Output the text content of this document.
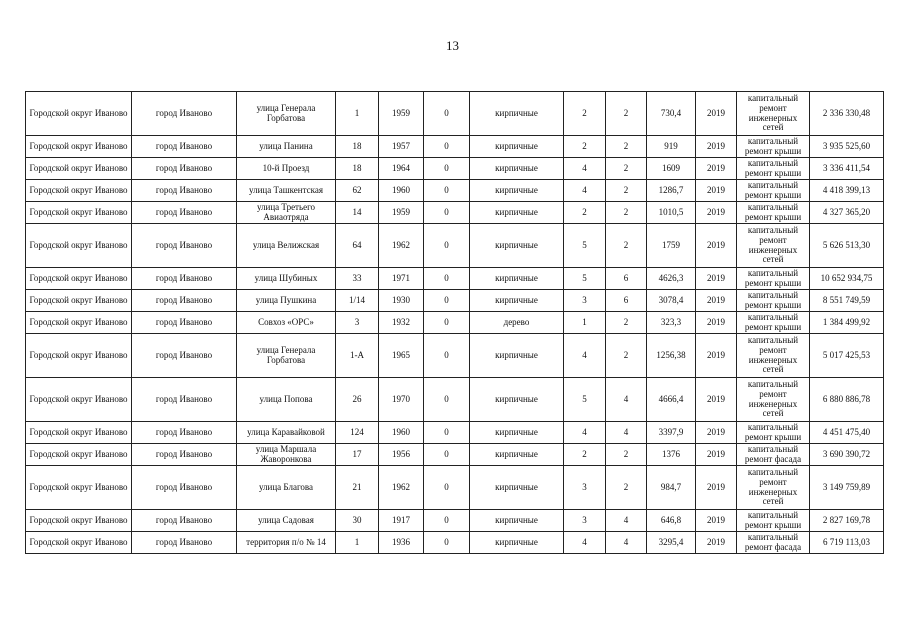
13
Городской округ Иваново	город Иваново	улица Генерала Горбатова	1	1959	0	кирпичные	2	2	730,4	2019	капитальный ремонт инженерных сетей	2 336 330,48
Городской округ Иваново	город Иваново	улица Панина	18	1957	0	кирпичные	2	2	919	2019	капитальный ремонт крыши	3 935 525,60
Городской округ Иваново	город Иваново	10-й Проезд	18	1964	0	кирпичные	4	2	1609	2019	капитальный ремонт крыши	3 336 411,54
Городской округ Иваново	город Иваново	улица Ташкентская	62	1960	0	кирпичные	4	2	1286,7	2019	капитальный ремонт крыши	4 418 399,13
Городской округ Иваново	город Иваново	улица Третьего Авиаотряда	14	1959	0	кирпичные	2	2	1010,5	2019	капитальный ремонт крыши	4 327 365,20
Городской округ Иваново	город Иваново	улица Велижская	64	1962	0	кирпичные	5	2	1759	2019	капитальный ремонт инженерных сетей	5 626 513,30
Городской округ Иваново	город Иваново	улица Шубиных	33	1971	0	кирпичные	5	6	4626,3	2019	капитальный ремонт крыши	10 652 934,75
Городской округ Иваново	город Иваново	улица Пушкина	1/14	1930	0	кирпичные	3	6	3078,4	2019	капитальный ремонт крыши	8 551 749,59
Городской округ Иваново	город Иваново	Совхоз «ОРС»	3	1932	0	дерево	1	2	323,3	2019	капитальный ремонт крыши	1 384 499,92
Городской округ Иваново	город Иваново	улица Генерала Горбатова	1-А	1965	0	кирпичные	4	2	1256,38	2019	капитальный ремонт инженерных сетей	5 017 425,53
Городской округ Иваново	город Иваново	улица Попова	26	1970	0	кирпичные	5	4	4666,4	2019	капитальный ремонт инженерных сетей	6 880 886,78
Городской округ Иваново	город Иваново	улица Каравайковой	124	1960	0	кирпичные	4	4	3397,9	2019	капитальный ремонт крыши	4 451 475,40
Городской округ Иваново	город Иваново	улица Маршала Жаворонкова	17	1956	0	кирпичные	2	2	1376	2019	капитальный ремонт фасада	3 690 390,72
Городской округ Иваново	город Иваново	улица Благова	21	1962	0	кирпичные	3	2	984,7	2019	капитальный ремонт инженерных сетей	3 149 759,89
Городской округ Иваново	город Иваново	улица Садовая	30	1917	0	кирпичные	3	4	646,8	2019	капитальный ремонт крыши	2 827 169,78
Городской округ Иваново	город Иваново	территория п/о № 14	1	1936	0	кирпичные	4	4	3295,4	2019	капитальный ремонт фасада	6 719 113,03
